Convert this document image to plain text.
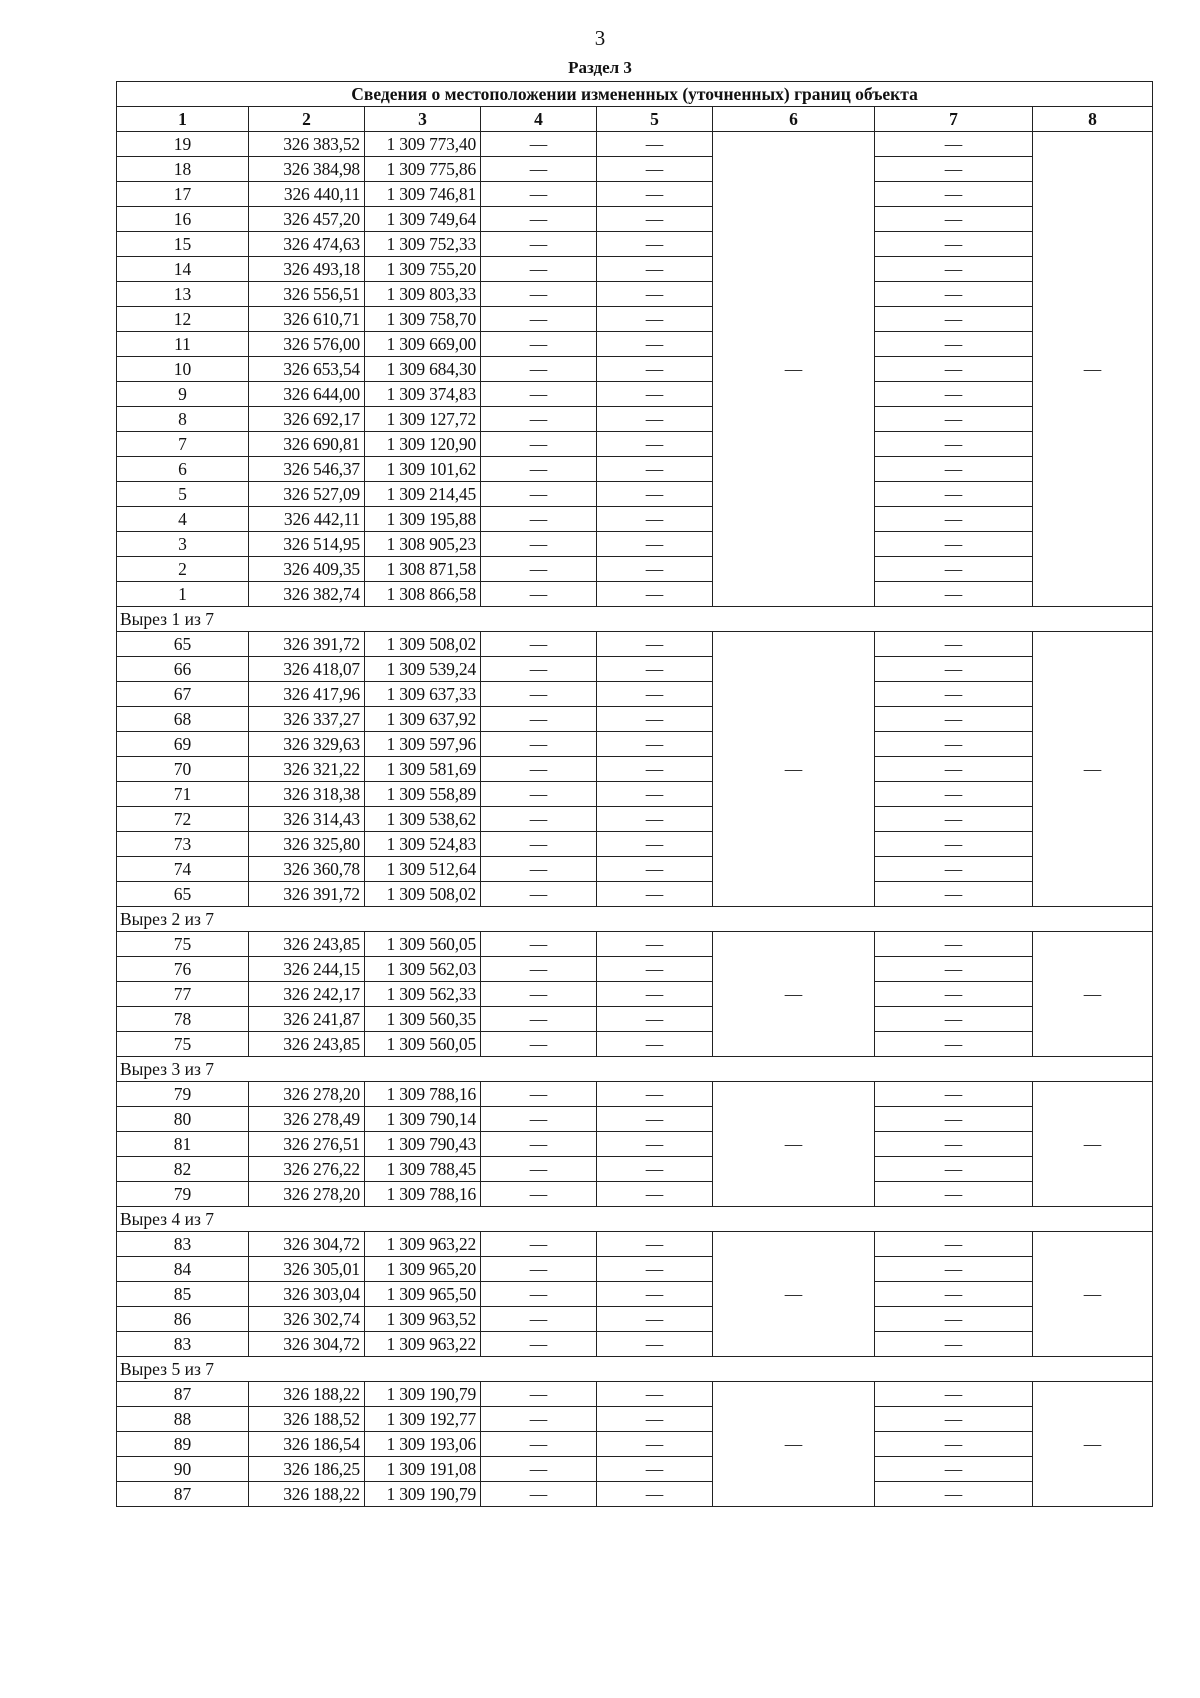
3
Раздел 3
Сведения о местоположении измененных (уточненных) границ объекта							
1	2	3	4	5	6	7	8
19	326 383,52	1 309 773,40	—	—	—	—	—
18	326 384,98	1 309 775,86	—	—		—	
17	326 440,11	1 309 746,81	—	—		—	
16	326 457,20	1 309 749,64	—	—		—	
15	326 474,63	1 309 752,33	—	—		—	
14	326 493,18	1 309 755,20	—	—		—	
13	326 556,51	1 309 803,33	—	—		—	
12	326 610,71	1 309 758,70	—	—		—	
11	326 576,00	1 309 669,00	—	—		—	
10	326 653,54	1 309 684,30	—	—		—	
9	326 644,00	1 309 374,83	—	—		—	
8	326 692,17	1 309 127,72	—	—		—	
7	326 690,81	1 309 120,90	—	—		—	
6	326 546,37	1 309 101,62	—	—		—	
5	326 527,09	1 309 214,45	—	—		—	
4	326 442,11	1 309 195,88	—	—		—	
3	326 514,95	1 308 905,23	—	—		—	
2	326 409,35	1 308 871,58	—	—		—	
1	326 382,74	1 308 866,58	—	—		—	
Вырез 1 из 7							
65	326 391,72	1 309 508,02	—	—	—	—	—
66	326 418,07	1 309 539,24	—	—		—	
67	326 417,96	1 309 637,33	—	—		—	
68	326 337,27	1 309 637,92	—	—		—	
69	326 329,63	1 309 597,96	—	—		—	
70	326 321,22	1 309 581,69	—	—		—	
71	326 318,38	1 309 558,89	—	—		—	
72	326 314,43	1 309 538,62	—	—		—	
73	326 325,80	1 309 524,83	—	—		—	
74	326 360,78	1 309 512,64	—	—		—	
65	326 391,72	1 309 508,02	—	—		—	
Вырез 2 из 7							
75	326 243,85	1 309 560,05	—	—	—	—	—
76	326 244,15	1 309 562,03	—	—		—	
77	326 242,17	1 309 562,33	—	—		—	
78	326 241,87	1 309 560,35	—	—		—	
75	326 243,85	1 309 560,05	—	—		—	
Вырез 3 из 7							
79	326 278,20	1 309 788,16	—	—	—	—	—
80	326 278,49	1 309 790,14	—	—		—	
81	326 276,51	1 309 790,43	—	—		—	
82	326 276,22	1 309 788,45	—	—		—	
79	326 278,20	1 309 788,16	—	—		—	
Вырез 4 из 7							
83	326 304,72	1 309 963,22	—	—	—	—	—
84	326 305,01	1 309 965,20	—	—		—	
85	326 303,04	1 309 965,50	—	—		—	
86	326 302,74	1 309 963,52	—	—		—	
83	326 304,72	1 309 963,22	—	—		—	
Вырез 5 из 7							
87	326 188,22	1 309 190,79	—	—	—	—	—
88	326 188,52	1 309 192,77	—	—		—	
89	326 186,54	1 309 193,06	—	—		—	
90	326 186,25	1 309 191,08	—	—		—	
87	326 188,22	1 309 190,79	—	—		—	
